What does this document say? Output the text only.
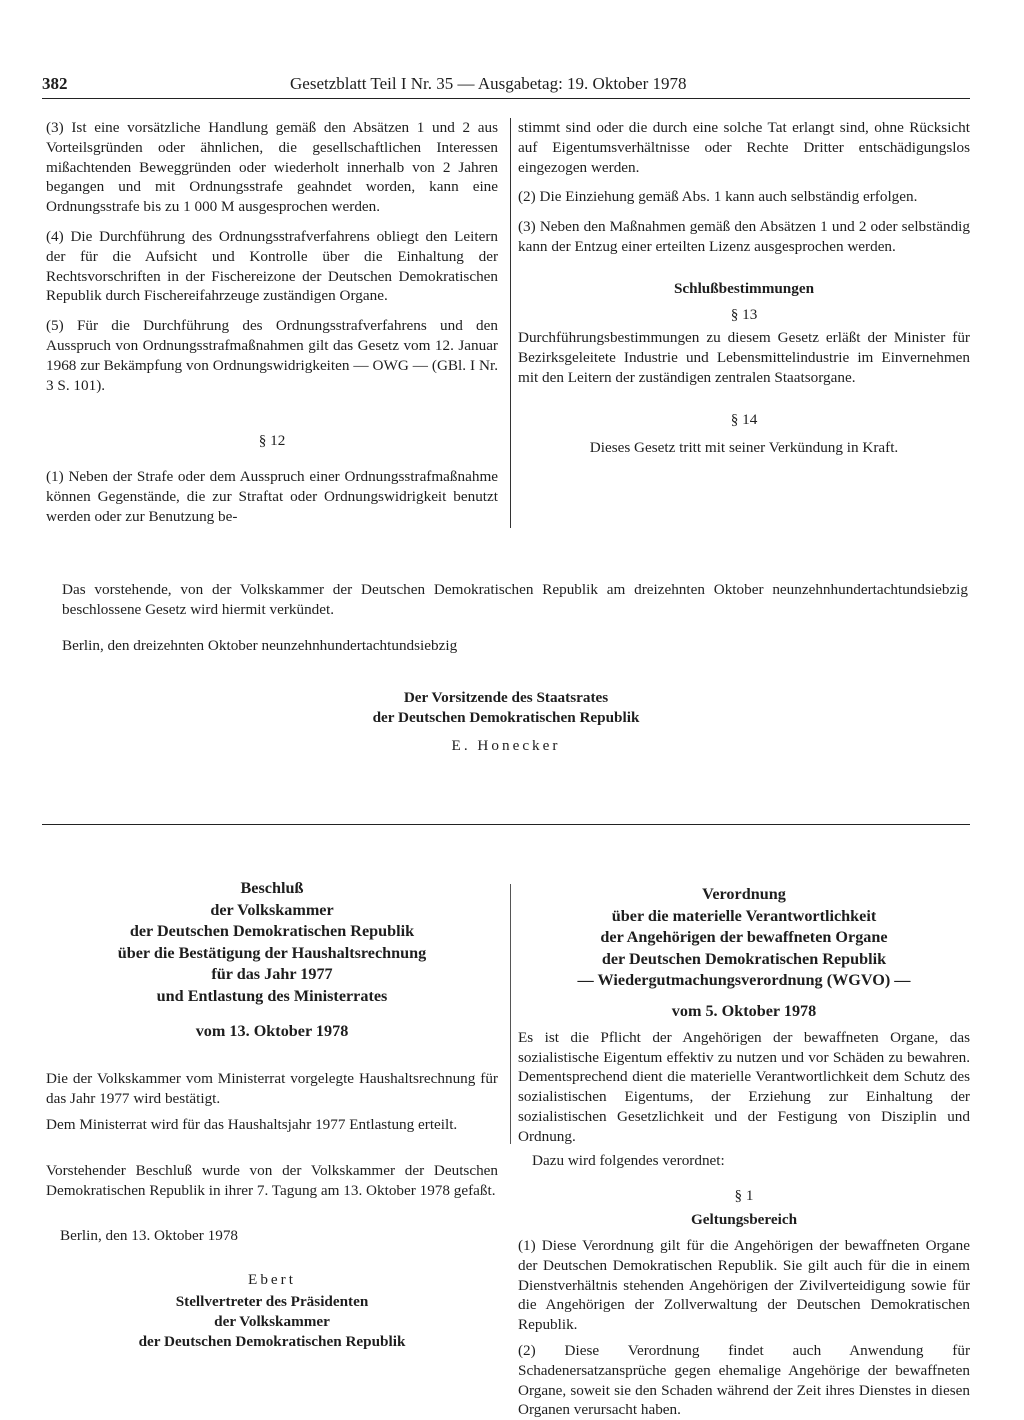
382	Gesetzblatt Teil I Nr. 35 — Ausgabetag: 19. Oktober 1978

(3) Ist eine vorsätzliche Handlung gemäß den Absätzen 1 und 2 aus Vorteilsgründen oder ähnlichen, die gesellschaftlichen Interessen mißachtenden Beweggründen oder wiederholt innerhalb von 2 Jahren begangen und mit Ordnungsstrafe geahndet worden, kann eine Ordnungsstrafe bis zu 1 000 M ausgesprochen werden.

(4) Die Durchführung des Ordnungsstrafverfahrens obliegt den Leitern der für die Aufsicht und Kontrolle über die Einhaltung der Rechtsvorschriften in der Fischereizone der Deutschen Demokratischen Republik durch Fischereifahrzeuge zuständigen Organe.

(5) Für die Durchführung des Ordnungsstrafverfahrens und den Ausspruch von Ordnungsstrafmaßnahmen gilt das Gesetz vom 12. Januar 1968 zur Bekämpfung von Ordnungswidrigkeiten — OWG — (GBl. I Nr. 3 S. 101).

§ 12

(1) Neben der Strafe oder dem Ausspruch einer Ordnungsstrafmaßnahme können Gegenstände, die zur Straftat oder Ordnungswidrigkeit benutzt werden oder zur Benutzung be-

stimmt sind oder die durch eine solche Tat erlangt sind, ohne Rücksicht auf Eigentumsverhältnisse oder Rechte Dritter entschädigungslos eingezogen werden.

(2) Die Einziehung gemäß Abs. 1 kann auch selbständig erfolgen.

(3) Neben den Maßnahmen gemäß den Absätzen 1 und 2 oder selbständig kann der Entzug einer erteilten Lizenz ausgesprochen werden.

Schlußbestimmungen

§ 13

Durchführungsbestimmungen zu diesem Gesetz erläßt der Minister für Bezirksgeleitete Industrie und Lebensmittelindustrie im Einvernehmen mit den Leitern der zuständigen zentralen Staatsorgane.

§ 14

Dieses Gesetz tritt mit seiner Verkündung in Kraft.

Das vorstehende, von der Volkskammer der Deutschen Demokratischen Republik am dreizehnten Oktober neunzehnhundertachtundsiebzig beschlossene Gesetz wird hiermit verkündet.
Berlin, den dreizehnten Oktober neunzehnhundertachtundsiebzig
Der Vorsitzende des Staatsrates
der Deutschen Demokratischen Republik
E. Honecker
Beschluß
der Volkskammer
der Deutschen Demokratischen Republik
über die Bestätigung der Haushaltsrechnung
für das Jahr 1977
und Entlastung des Ministerrates
vom 13. Oktober 1978
Die der Volkskammer vom Ministerrat vorgelegte Haushaltsrechnung für das Jahr 1977 wird bestätigt.
Dem Ministerrat wird für das Haushaltsjahr 1977 Entlastung erteilt.
Vorstehender Beschluß wurde von der Volkskammer der Deutschen Demokratischen Republik in ihrer 7. Tagung am 13. Oktober 1978 gefaßt.
Berlin, den 13. Oktober 1978
Ebert
Stellvertreter des Präsidenten
der Volkskammer
der Deutschen Demokratischen Republik
Verordnung
über die materielle Verantwortlichkeit
der Angehörigen der bewaffneten Organe
der Deutschen Demokratischen Republik
— Wiedergutmachungsverordnung (WGVO) —
vom 5. Oktober 1978
Es ist die Pflicht der Angehörigen der bewaffneten Organe, das sozialistische Eigentum effektiv zu nutzen und vor Schäden zu bewahren. Dementsprechend dient die materielle Verantwortlichkeit dem Schutz des sozialistischen Eigentums, der Erziehung zur Einhaltung der sozialistischen Gesetzlichkeit und der Festigung von Disziplin und Ordnung.
Dazu wird folgendes verordnet:
§ 1
Geltungsbereich
(1) Diese Verordnung gilt für die Angehörigen der bewaffneten Organe der Deutschen Demokratischen Republik. Sie gilt auch für die in einem Dienstverhältnis stehenden Angehörigen der Zivilverteidigung sowie für die Angehörigen der Zollverwaltung der Deutschen Demokratischen Republik.
(2) Diese Verordnung findet auch Anwendung für Schadenersatzansprüche gegen ehemalige Angehörige der bewaffneten Organe, soweit sie den Schaden während der Zeit ihres Dienstes in diesen Organen verursacht haben.
